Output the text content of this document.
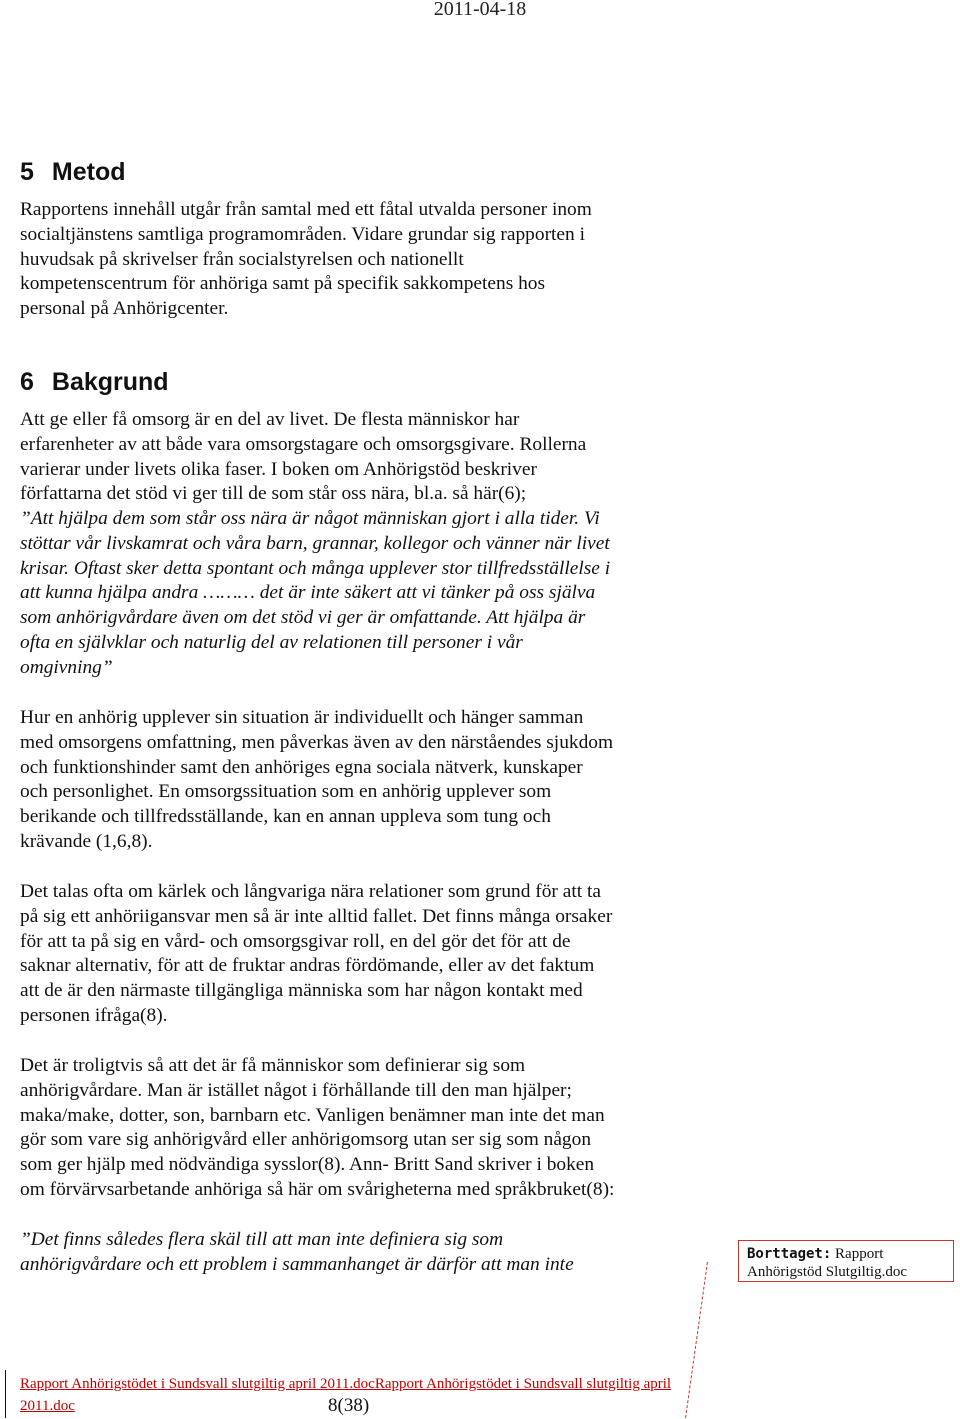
2011-04-18
5 Metod
Rapportens innehåll utgår från samtal med ett fåtal utvalda personer inom
socialtjänstens samtliga programområden. Vidare grundar sig rapporten i
huvudsak på skrivelser från socialstyrelsen och nationellt
kompetenscentrum för anhöriga samt på specifik sakkompetens hos
personal på Anhörigcenter.
6 Bakgrund
Att ge eller få omsorg är en del av livet. De flesta människor har
erfarenheter av att både vara omsorgstagare och omsorgsgivare. Rollerna
varierar under livets olika faser. I boken om Anhörigstöd beskriver
författarna det stöd vi ger till de som står oss nära, bl.a. så här(6);
”Att hjälpa dem som står oss nära är något människan gjort i alla tider. Vi
stöttar vår livskamrat och våra barn, grannar, kollegor och vänner när livet
krisar. Oftast sker detta spontant och många upplever stor tillfredsställelse i
att kunna hjälpa andra ……… det är inte säkert att vi tänker på oss själva
som anhörigvårdare även om det stöd vi ger är omfattande. Att hjälpa är
ofta en självklar och naturlig del av relationen till personer i vår
omgivning”
Hur en anhörig upplever sin situation är individuellt och hänger samman
med omsorgens omfattning, men påverkas även av den närståendes sjukdom
och funktionshinder samt den anhöriges egna sociala nätverk, kunskaper
och personlighet. En omsorgssituation som en anhörig upplever som
berikande och tillfredsställande, kan en annan uppleva som tung och
krävande (1,6,8).
Det talas ofta om kärlek och långvariga nära relationer som grund för att ta
på sig ett anhöriigansvar men så är inte alltid fallet. Det finns många orsaker
för att ta på sig en vård- och omsorgsgivar roll, en del gör det för att de
saknar alternativ, för att de fruktar andras fördömande, eller av det faktum
att de är den närmaste tillgängliga människa som har någon kontakt med
personen ifråga(8).
Det är troligtvis så att det är få människor som definierar sig som
anhörigvårdare. Man är istället något i förhållande till den man hjälper;
maka/make, dotter, son, barnbarn etc. Vanligen benämner man inte det man
gör som vare sig anhörigvård eller anhörigomsorg utan ser sig som någon
som ger hjälp med nödvändiga sysslor(8). Ann- Britt Sand skriver i boken
om förvärvsarbetande anhöriga så här om svårigheterna med språkbruket(8):
”Det finns således flera skäl till att man inte definiera sig som
anhörigvårdare och ett problem i sammanhanget är därför att man inte	Borttaget: Rapport Anhörigstöd Slutgiltig.doc
Rapport Anhörigstödet i Sundsvall slutgiltig april 2011.docRapport Anhörigstödet i Sundsvall slutgiltig april
2011.doc	8(38)
